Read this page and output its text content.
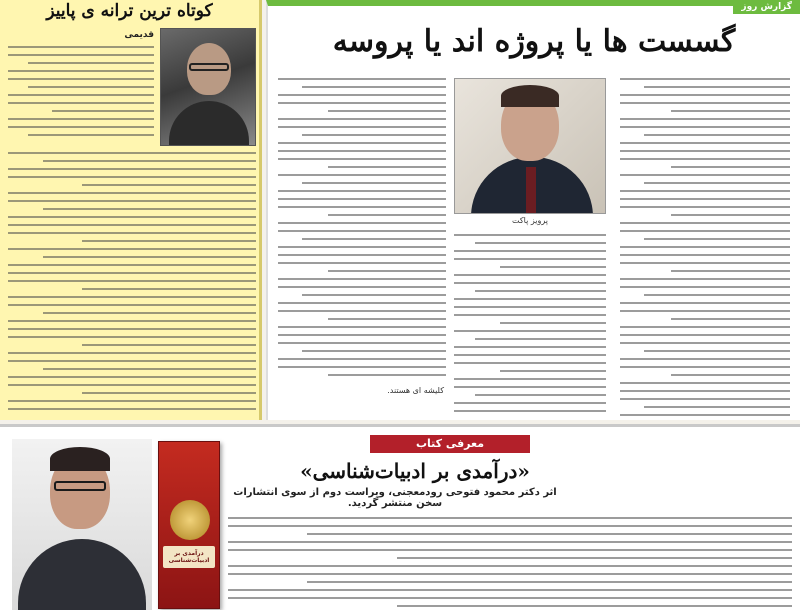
کوتاه ترین ترانه ی پاییز
قدیمی
گزارش روز
گسست ها یا پروژه اند یا پروسه
پرویز پاکت
کلیشه ای هستند.
درآمدی بر ادبیات‌شناسی
معرفی کتاب
«درآمدی بر ادبیات‌شناسی»
اثر دکتر محمود فتوحی رودمعجنی، ویراست دوم از سوی انتشارات سخن منتشر گردید.
